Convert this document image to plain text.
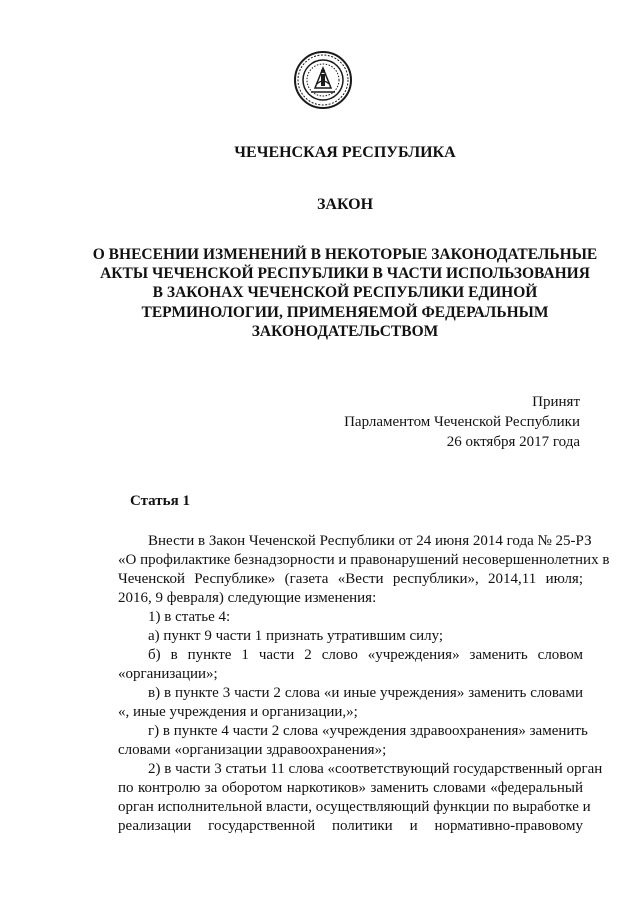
ЧЕЧЕНСКАЯ РЕСПУБЛИКА
ЗАКОН
О ВНЕСЕНИИ ИЗМЕНЕНИЙ В НЕКОТОРЫЕ ЗАКОНОДАТЕЛЬНЫЕ
АКТЫ ЧЕЧЕНСКОЙ РЕСПУБЛИКИ В ЧАСТИ ИСПОЛЬЗОВАНИЯ
В ЗАКОНАХ ЧЕЧЕНСКОЙ РЕСПУБЛИКИ ЕДИНОЙ
ТЕРМИНОЛОГИИ, ПРИМЕНЯЕМОЙ ФЕДЕРАЛЬНЫМ
ЗАКОНОДАТЕЛЬСТВОМ
Принят
Парламентом Чеченской Республики
26 октября 2017 года
Статья 1
Внести в Закон Чеченской Республики от 24 июня 2014 года № 25-РЗ
«О профилактике безнадзорности и правонарушений несовершеннолетних в
Чеченской Республике» (газета «Вести республики», 2014,11 июля;
2016, 9 февраля) следующие изменения:
1) в статье 4:
а) пункт 9 части 1 признать утратившим силу;
б) в пункте 1 части 2 слово «учреждения» заменить словом
«организации»;
в) в пункте 3 части 2 слова «и иные учреждения» заменить словами
«, иные учреждения и организации,»;
г) в пункте 4 части 2 слова «учреждения здравоохранения» заменить
словами «организации здравоохранения»;
2) в части 3 статьи 11 слова «соответствующий государственный орган
по контролю за оборотом наркотиков» заменить словами «федеральный
орган исполнительной власти, осуществляющий функции по выработке и
реализации государственной политики и нормативно-правовому
